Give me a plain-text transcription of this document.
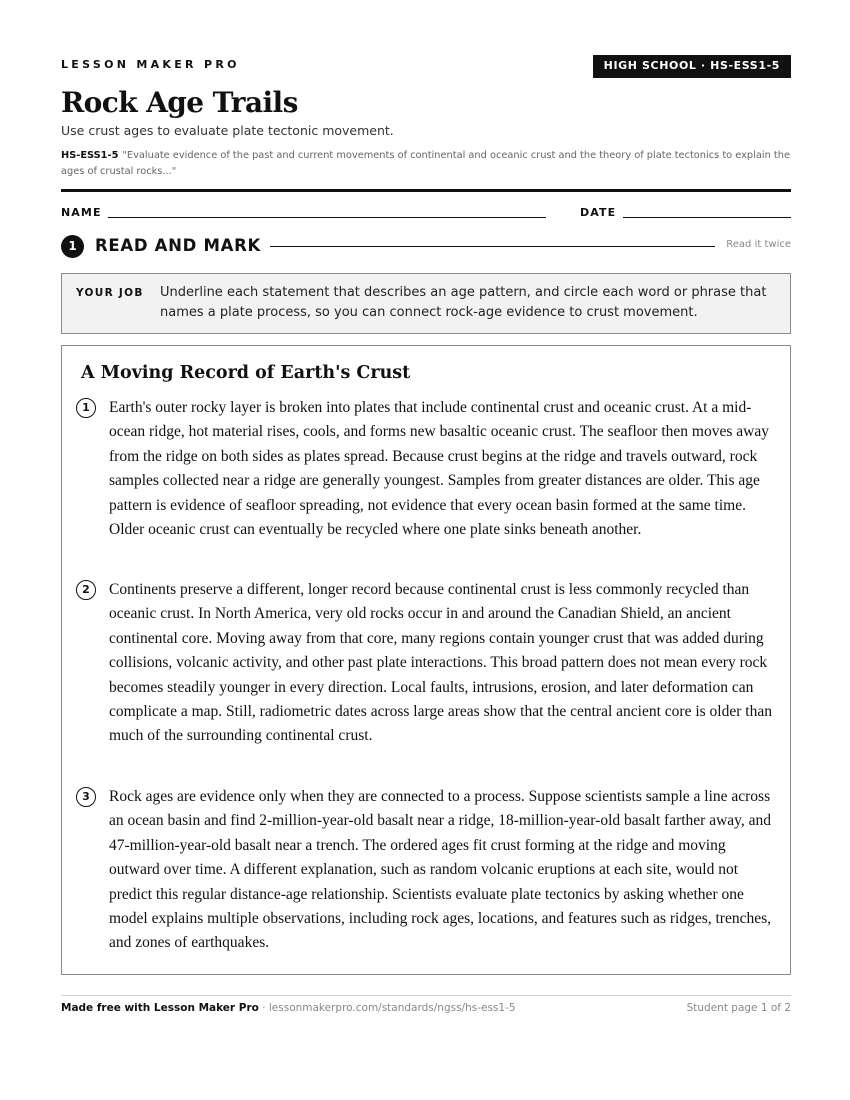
LESSON MAKER PRO	HIGH SCHOOL · HS-ESS1-5
Rock Age Trails

Use crust ages to evaluate plate tectonic movement.

HS-ESS1-5 "Evaluate evidence of the past and current movements of continental and oceanic crust and the theory of plate tectonics to explain the ages of crustal rocks..."

NAME	DATE
1	READ AND MARK	Read it twice
YOUR JOB Underline each statement that describes an age pattern, and circle each word or phrase that names a plate process, so you can connect rock-age evidence to crust movement.

A Moving Record of Earth's Crust
1	Earth's outer rocky layer is broken into plates that include continental crust and oceanic crust. At a mid-ocean ridge, hot material rises, cools, and forms new basaltic oceanic crust. The seafloor then moves away from the ridge on both sides as plates spread. Because crust begins at the ridge and travels outward, rock samples collected near a ridge are generally youngest. Samples from greater distances are older. This age pattern is evidence of seafloor spreading, not evidence that every ocean basin formed at the same time. Older oceanic crust can eventually be recycled where one plate sinks beneath another.

2	Continents preserve a different, longer record because continental crust is less commonly recycled than oceanic crust. In North America, very old rocks occur in and around the Canadian Shield, an ancient continental core. Moving away from that core, many regions contain younger crust that was added during collisions, volcanic activity, and other past plate interactions. This broad pattern does not mean every rock becomes steadily younger in every direction. Local faults, intrusions, erosion, and later deformation can complicate a map. Still, radiometric dates across large areas show that the central ancient core is older than much of the surrounding continental crust.

3	Rock ages are evidence only when they are connected to a process. Suppose scientists sample a line across an ocean basin and find 2-million-year-old basalt near a ridge, 18-million-year-old basalt farther away, and 47-million-year-old basalt near a trench. The ordered ages fit crust forming at the ridge and moving outward over time. A different explanation, such as random volcanic eruptions at each site, would not predict this regular distance-age relationship. Scientists evaluate plate tectonics by asking whether one model explains multiple observations, including rock ages, locations, and features such as ridges, trenches, and zones of earthquakes.

Made free with Lesson Maker Pro · lessonmakerpro.com/standards/ngss/hs-ess1-5	Student page 1 of 2
